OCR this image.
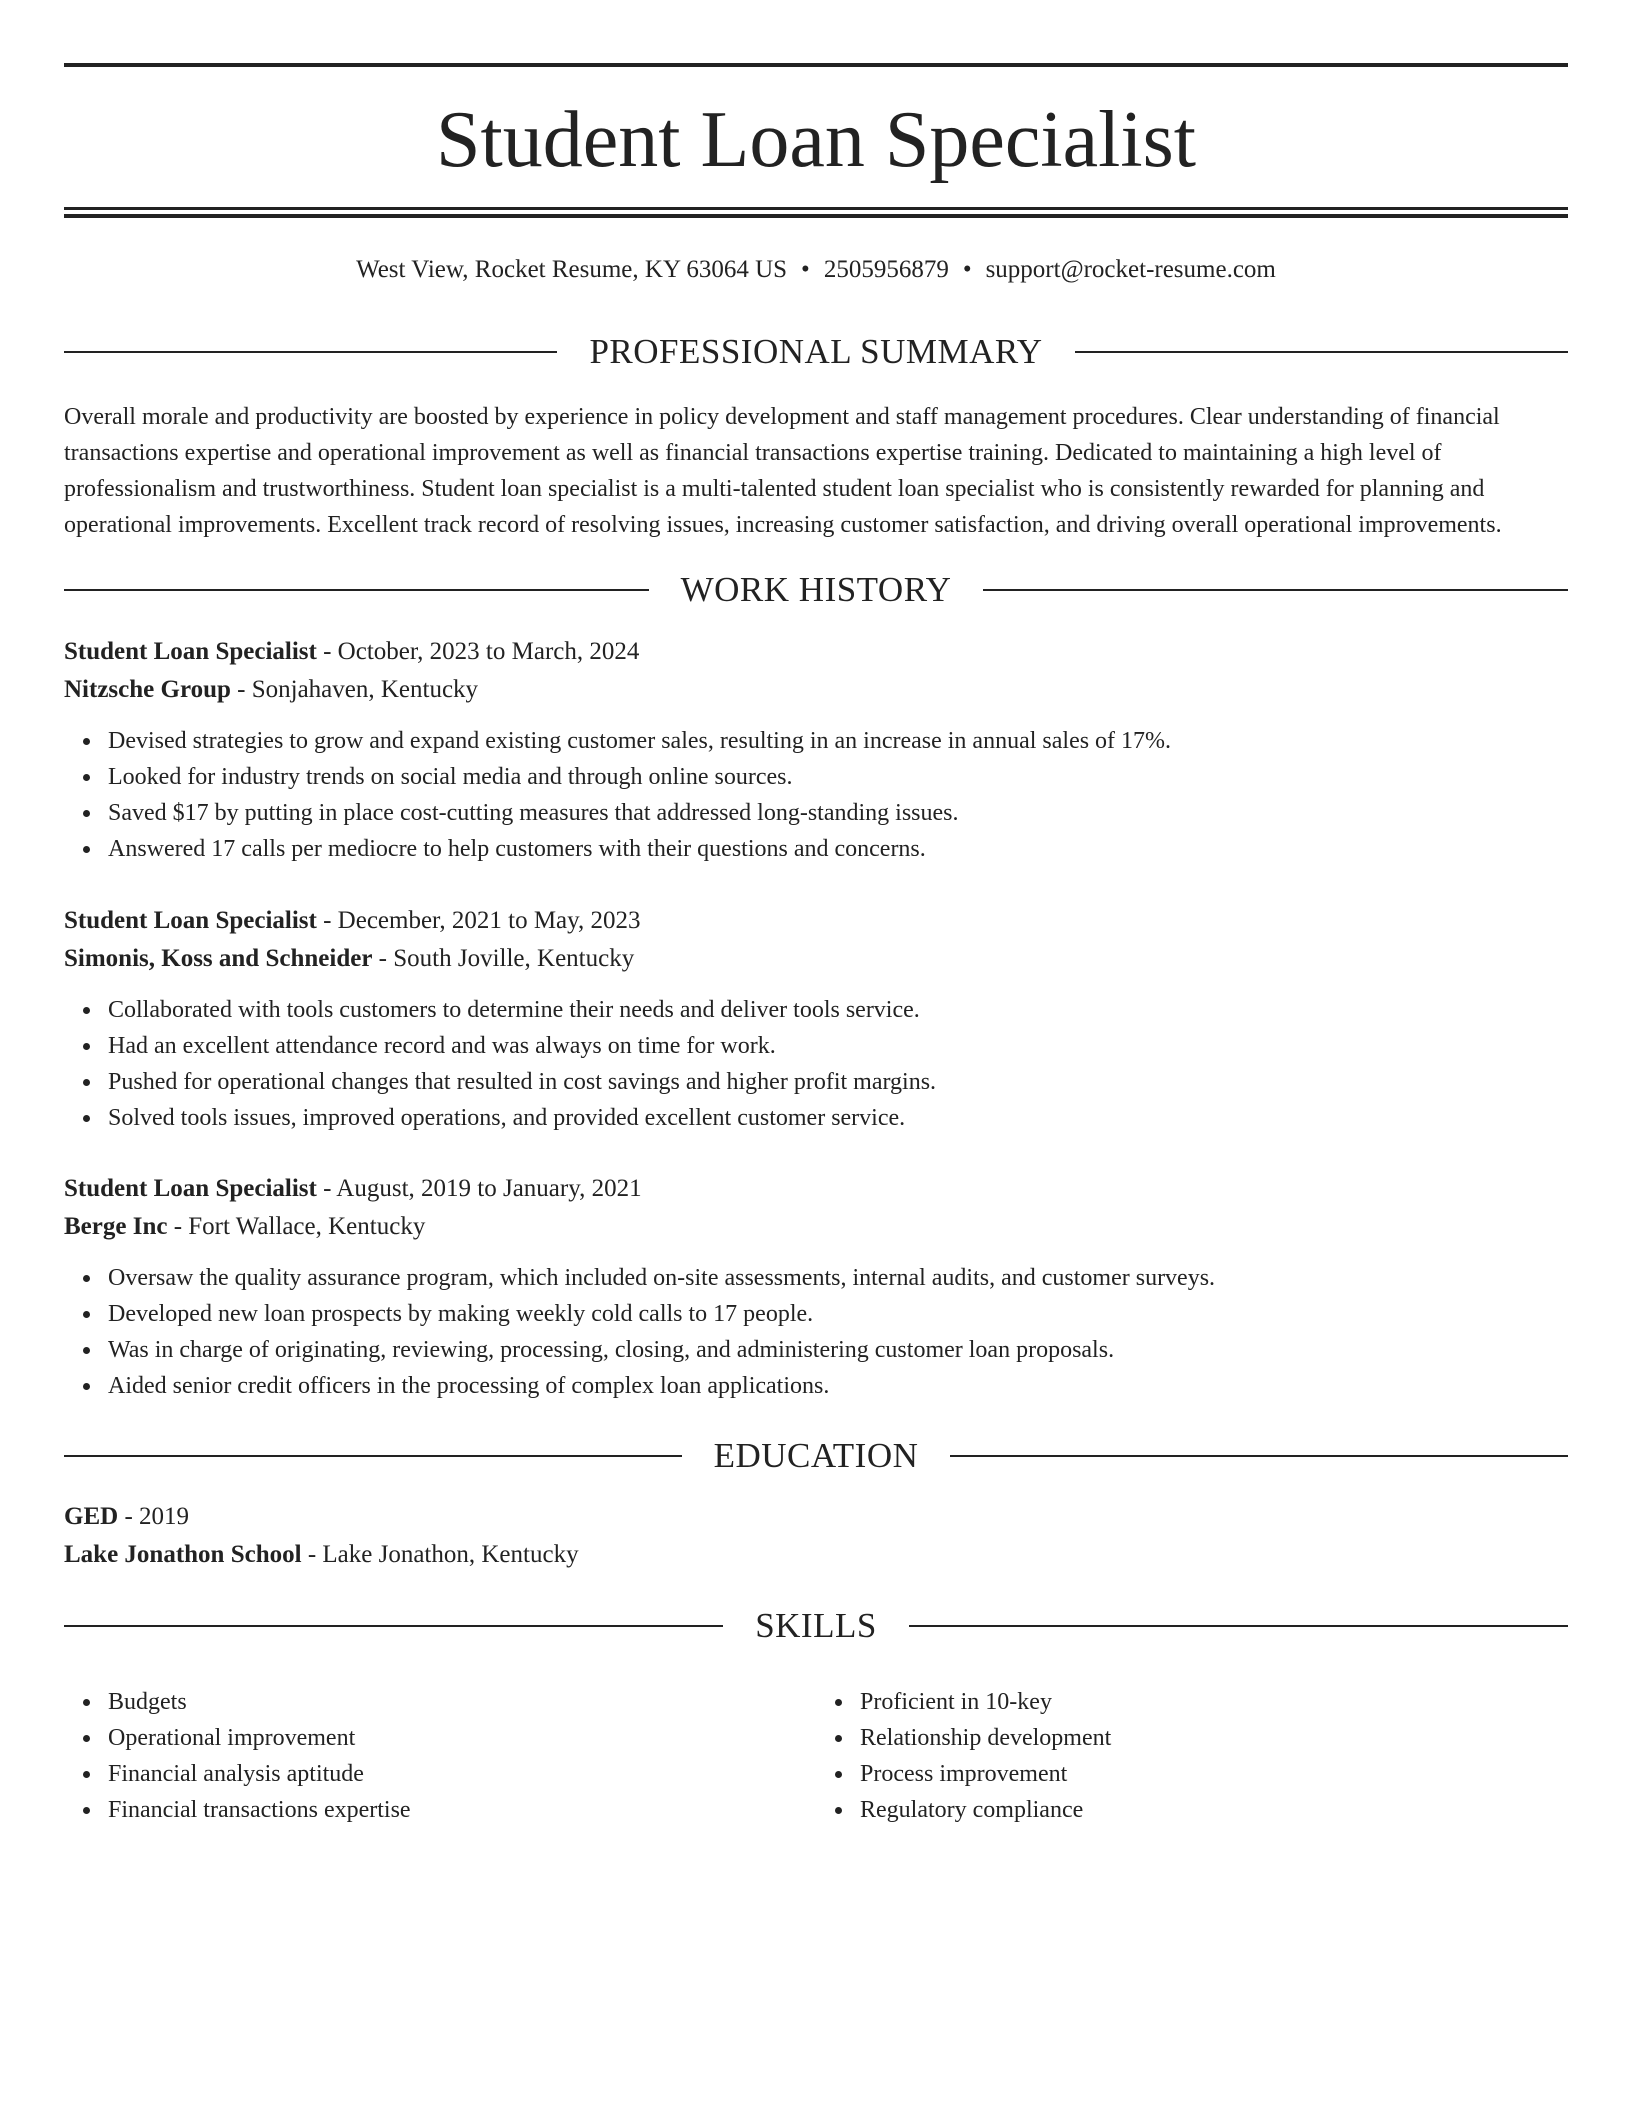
Student Loan Specialist
West View, Rocket Resume, KY 63064 US • 2505956879 • support@rocket-resume.com
PROFESSIONAL SUMMARY

Overall morale and productivity are boosted by experience in policy development and staff management procedures. Clear understanding of financial transactions expertise and operational improvement as well as financial transactions expertise training. Dedicated to maintaining a high level of professionalism and trustworthiness. Student loan specialist is a multi-talented student loan specialist who is consistently rewarded for planning and operational improvements. Excellent track record of resolving issues, increasing customer satisfaction, and driving overall operational improvements.

WORK HISTORY

Student Loan Specialist - October, 2023 to March, 2024

Nitzsche Group - Sonjahaven, Kentucky

Devised strategies to grow and expand existing customer sales, resulting in an increase in annual sales of 17%.
Looked for industry trends on social media and through online sources.
Saved $17 by putting in place cost-cutting measures that addressed long-standing issues.
Answered 17 calls per mediocre to help customers with their questions and concerns.

Student Loan Specialist - December, 2021 to May, 2023

Simonis, Koss and Schneider - South Joville, Kentucky

Collaborated with tools customers to determine their needs and deliver tools service.
Had an excellent attendance record and was always on time for work.
Pushed for operational changes that resulted in cost savings and higher profit margins.
Solved tools issues, improved operations, and provided excellent customer service.

Student Loan Specialist - August, 2019 to January, 2021

Berge Inc - Fort Wallace, Kentucky

Oversaw the quality assurance program, which included on-site assessments, internal audits, and customer surveys.
Developed new loan prospects by making weekly cold calls to 17 people.
Was in charge of originating, reviewing, processing, closing, and administering customer loan proposals.
Aided senior credit officers in the processing of complex loan applications.
EDUCATION

GED - 2019

Lake Jonathon School - Lake Jonathon, Kentucky

SKILLS
Budgets
Operational improvement
Financial analysis aptitude
Financial transactions expertise
Proficient in 10-key
Relationship development
Process improvement
Regulatory compliance
